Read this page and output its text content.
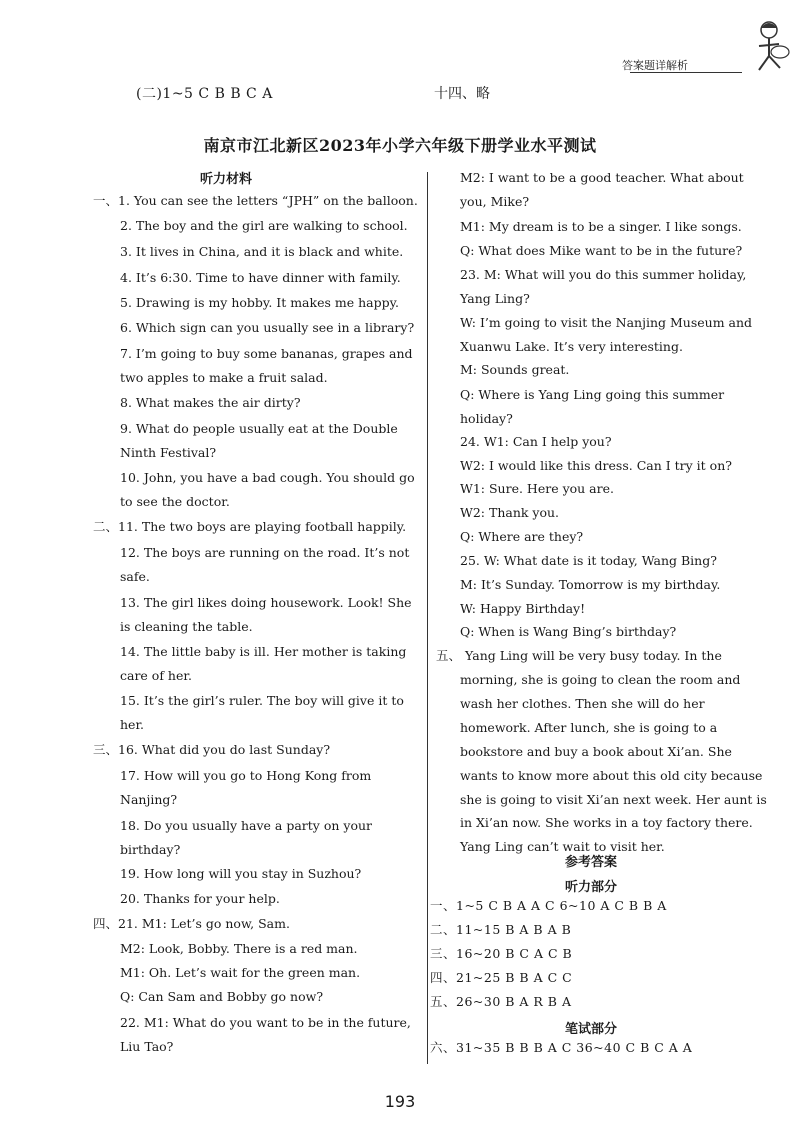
(二)1~5 C B B C A	十四、略
答案题详解析
南京市江北新区2023年小学六年级下册学业水平测试
听力材料
一、1. You can see the letters “JPH” on the balloon.
2. The boy and the girl are walking to school.
3. It lives in China, and it is black and white.
4. It’s 6:30. Time to have dinner with family.
5. Drawing is my hobby. It makes me happy.
6. Which sign can you usually see in a library?
7. I’m going to buy some bananas, grapes and
two apples to make a fruit salad.
8. What makes the air dirty?
9. What do people usually eat at the Double
Ninth Festival?
10. John, you have a bad cough. You should go
to see the doctor.
二、11. The two boys are playing football happily.
12. The boys are running on the road. It’s not
safe.
13. The girl likes doing housework. Look! She
is cleaning the table.
14. The little baby is ill. Her mother is taking
care of her.
15. It’s the girl’s ruler. The boy will give it to
her.
三、16. What did you do last Sunday?
17. How will you go to Hong Kong from
Nanjing?
18. Do you usually have a party on your
birthday?
19. How long will you stay in Suzhou?
20. Thanks for your help.
四、21. M1: Let’s go now, Sam.
M2: Look, Bobby. There is a red man.
M1: Oh. Let’s wait for the green man.
Q: Can Sam and Bobby go now?
22. M1: What do you want to be in the future,
Liu Tao?
M2: I want to be a good teacher. What about
you, Mike?
M1: My dream is to be a singer. I like songs.
Q: What does Mike want to be in the future?
23. M: What will you do this summer holiday,
Yang Ling?
W: I’m going to visit the Nanjing Museum and
Xuanwu Lake. It’s very interesting.
M: Sounds great.
Q: Where is Yang Ling going this summer
holiday?
24. W1: Can I help you?
W2: I would like this dress. Can I try it on?
W1: Sure. Here you are.
W2: Thank you.
Q: Where are they?
25. W: What date is it today, Wang Bing?
M: It’s Sunday. Tomorrow is my birthday.
W: Happy Birthday!
Q: When is Wang Bing’s birthday?
五、 Yang Ling will be very busy today. In the
morning, she is going to clean the room and
wash her clothes. Then she will do her
homework. After lunch, she is going to a
bookstore and buy a book about Xi’an. She
wants to know more about this old city because
she is going to visit Xi’an next week. Her aunt is
in Xi’an now. She works in a toy factory there.
Yang Ling can’t wait to visit her.
参考答案
听力部分
一、1~5 C B A A C 6~10 A C B B A
二、11~15 B A B A B
三、16~20 B C A C B
四、21~25 B B A C C
五、26~30 B A R B A
笔试部分
六、31~35 B B B A C 36~40 C B C A A
193
